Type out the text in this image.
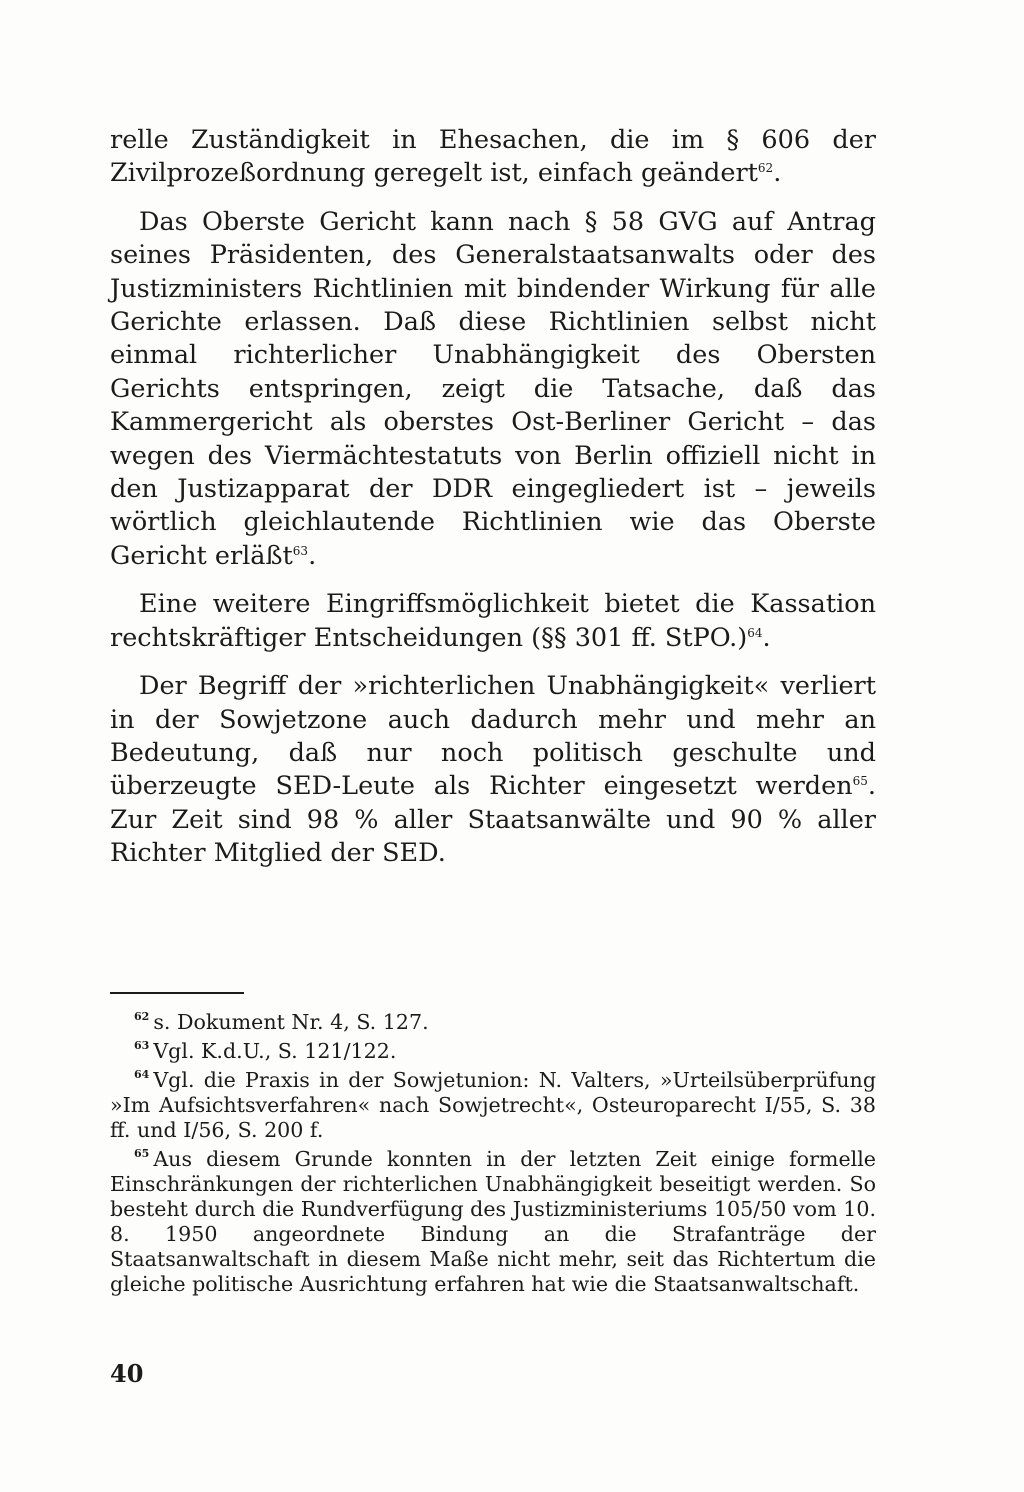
relle Zuständigkeit in Ehesachen, die im § 606 der Zivilprozeßordnung geregelt ist, einfach geändert$^{62}$.

Das Oberste Gericht kann nach § 58 GVG auf Antrag seines Präsidenten, des Generalstaatsanwalts oder des Justizministers Richtlinien mit bindender Wirkung für alle Gerichte erlassen. Daß diese Richtlinien selbst nicht einmal richterlicher Unabhängigkeit des Obersten Gerichts entspringen, zeigt die Tatsache, daß das Kammergericht als oberstes Ost-Berliner Gericht – das wegen des Viermächtestatuts von Berlin offiziell nicht in den Justizapparat der DDR eingegliedert ist – jeweils wörtlich gleichlautende Richtlinien wie das Oberste Gericht erläßt$^{63}$.

Eine weitere Eingriffsmöglichkeit bietet die Kassation rechtskräftiger Entscheidungen (§§ 301 ff. StPO.)$^{64}$.

Der Begriff der »richterlichen Unabhängigkeit« verliert in der Sowjetzone auch dadurch mehr und mehr an Bedeutung, daß nur noch politisch geschulte und überzeugte SED-Leute als Richter eingesetzt werden$^{65}$. Zur Zeit sind 98 % aller Staatsanwälte und 90 % aller Richter Mitglied der SED.

$^{62}$ s. Dokument Nr. 4, S. 127.

$^{63}$ Vgl. K.d.U., S. 121/122.

$^{64}$ Vgl. die Praxis in der Sowjetunion: N. Valters, »Urteilsüberprüfung »Im Aufsichtsverfahren« nach Sowjetrecht«, Osteuroparecht I/55, S. 38 ff. und I/56, S. 200 f.

$^{65}$ Aus diesem Grunde konnten in der letzten Zeit einige formelle Einschränkungen der richterlichen Unabhängigkeit beseitigt werden. So besteht durch die Rundverfügung des Justizministeriums 105/50 vom 10. 8. 1950 angeordnete Bindung an die Strafanträge der Staatsanwaltschaft in diesem Maße nicht mehr, seit das Richtertum die gleiche politische Ausrichtung erfahren hat wie die Staatsanwaltschaft.

40
